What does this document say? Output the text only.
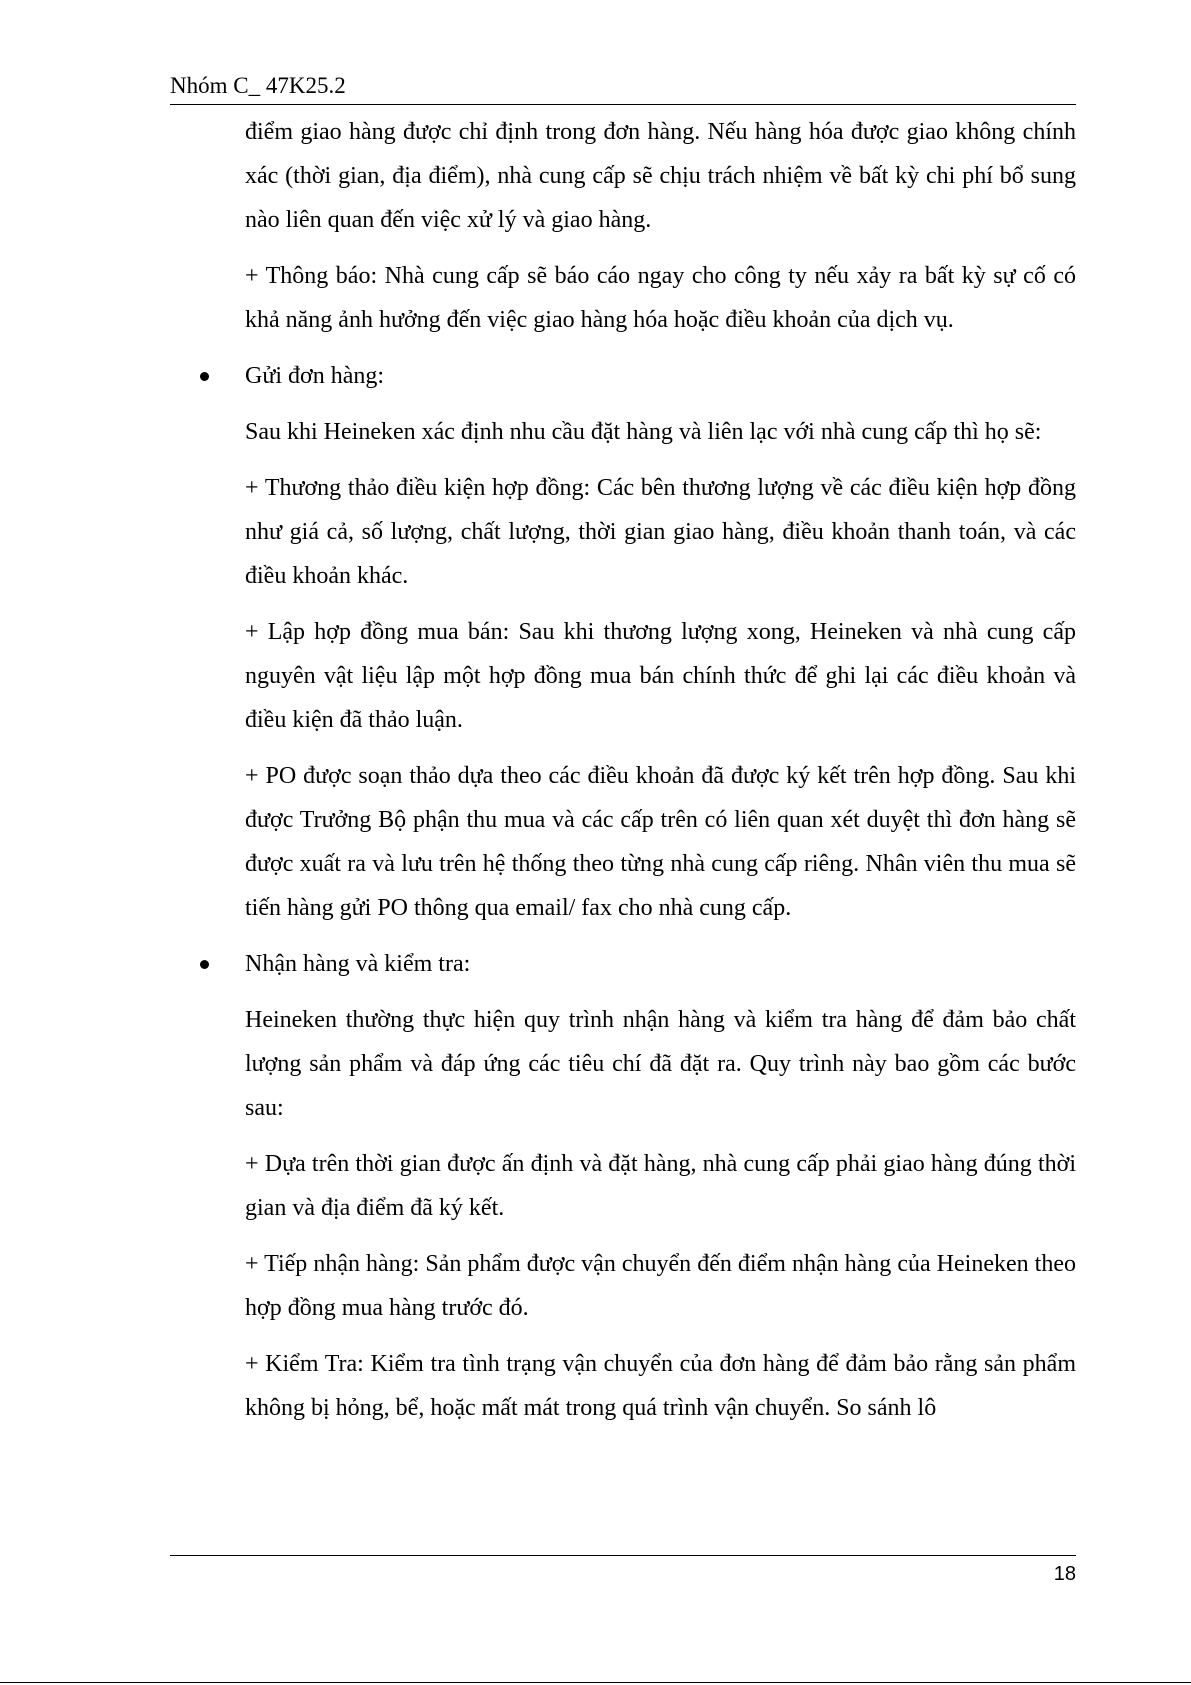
Nhóm C_ 47K25.2

điểm giao hàng được chỉ định trong đơn hàng. Nếu hàng hóa được giao không chính xác (thời gian, địa điểm), nhà cung cấp sẽ chịu trách nhiệm về bất kỳ chi phí bổ sung nào liên quan đến việc xử lý và giao hàng.

+ Thông báo: Nhà cung cấp sẽ báo cáo ngay cho công ty nếu xảy ra bất kỳ sự cố có khả năng ảnh hưởng đến việc giao hàng hóa hoặc điều khoản của dịch vụ.

Gửi đơn hàng:

Sau khi Heineken xác định nhu cầu đặt hàng và liên lạc với nhà cung cấp thì họ sẽ:

+ Thương thảo điều kiện hợp đồng: Các bên thương lượng về các điều kiện hợp đồng như giá cả, số lượng, chất lượng, thời gian giao hàng, điều khoản thanh toán, và các điều khoản khác.

+ Lập hợp đồng mua bán: Sau khi thương lượng xong, Heineken và nhà cung cấp nguyên vật liệu lập một hợp đồng mua bán chính thức để ghi lại các điều khoản và điều kiện đã thảo luận.

+ PO được soạn thảo dựa theo các điều khoản đã được ký kết trên hợp đồng. Sau khi được Trưởng Bộ phận thu mua và các cấp trên có liên quan xét duyệt thì đơn hàng sẽ được xuất ra và lưu trên hệ thống theo từng nhà cung cấp riêng. Nhân viên thu mua sẽ tiến hàng gửi PO thông qua email/ fax cho nhà cung cấp.

Nhận hàng và kiểm tra:

Heineken thường thực hiện quy trình nhận hàng và kiểm tra hàng để đảm bảo chất lượng sản phẩm và đáp ứng các tiêu chí đã đặt ra. Quy trình này bao gồm các bước sau:

+ Dựa trên thời gian được ấn định và đặt hàng, nhà cung cấp phải giao hàng đúng thời gian và địa điểm đã ký kết.

+ Tiếp nhận hàng: Sản phẩm được vận chuyển đến điểm nhận hàng của Heineken theo hợp đồng mua hàng trước đó.

+ Kiểm Tra: Kiểm tra tình trạng vận chuyển của đơn hàng để đảm bảo rằng sản phẩm không bị hỏng, bể, hoặc mất mát trong quá trình vận chuyển. So sánh lô

18
